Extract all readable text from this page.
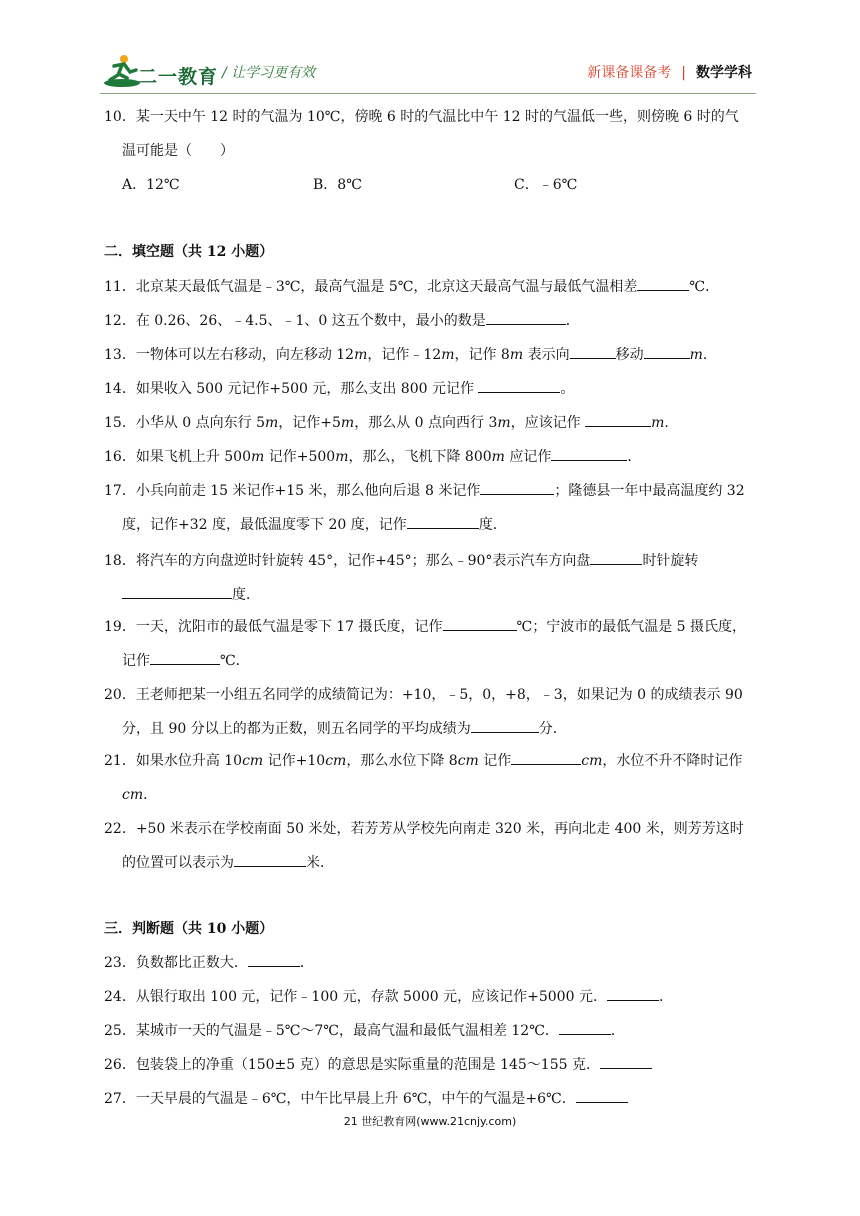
二一教育 / 让学习更有效	新课备课备考 | 数学学科
10．某一天中午 12 时的气温为 10℃，傍晚 6 时的气温比中午 12 时的气温低一些，则傍晚 6 时的气
温可能是（　　）
A．12℃	B．8℃	C．﹣6℃
二．填空题（共 12 小题）
11．北京某天最低气温是﹣3℃，最高气温是 5℃，北京这天最高气温与最低气温相差	℃．
12．在 0.26、26、﹣4.5、﹣1、0 这五个数中，最小的数是	．
13．一物体可以左右移动，向左移动 12m，记作﹣12m，记作 8m 表示向	移动	m．
14．如果收入 500 元记作+500 元，那么支出 800 元记作	。
15．小华从 0 点向东行 5m，记作+5m，那么从 0 点向西行 3m，应该记作	m．
16．如果飞机上升 500m 记作+500m，那么，飞机下降 800m 应记作	．
17．小兵向前走 15 米记作+15 米，那么他向后退 8 米记作	；隆德县一年中最高温度约 32
度，记作+32 度，最低温度零下 20 度，记作	度．
18．将汽车的方向盘逆时针旋转 45°，记作+45°；那么﹣90°表示汽车方向盘	时针旋转
度．
19．一天，沈阳市的最低气温是零下 17 摄氏度，记作	℃；宁波市的最低气温是 5 摄氏度，
记作	℃．
20．王老师把某一小组五名同学的成绩简记为：+10，﹣5，0，+8，﹣3，如果记为 0 的成绩表示 90
分，且 90 分以上的都为正数，则五名同学的平均成绩为	分．
21．如果水位升高 10cm 记作+10cm，那么水位下降 8cm 记作	cm，水位不升不降时记作
cm．
22．+50 米表示在学校南面 50 米处，若芳芳从学校先向南走 320 米，再向北走 400 米，则芳芳这时
的位置可以表示为	米．
三．判断题（共 10 小题）
23．负数都比正数大．	．
24．从银行取出 100 元，记作﹣100 元，存款 5000 元，应该记作+5000 元．	．
25．某城市一天的气温是﹣5℃～7℃，最高气温和最低气温相差 12℃．	．
26．包装袋上的净重（150±5 克）的意思是实际重量的范围是 145～155 克．
27．一天早晨的气温是﹣6℃，中午比早晨上升 6℃，中午的气温是+6℃．
21 世纪教育网(www.21cnjy.com)
